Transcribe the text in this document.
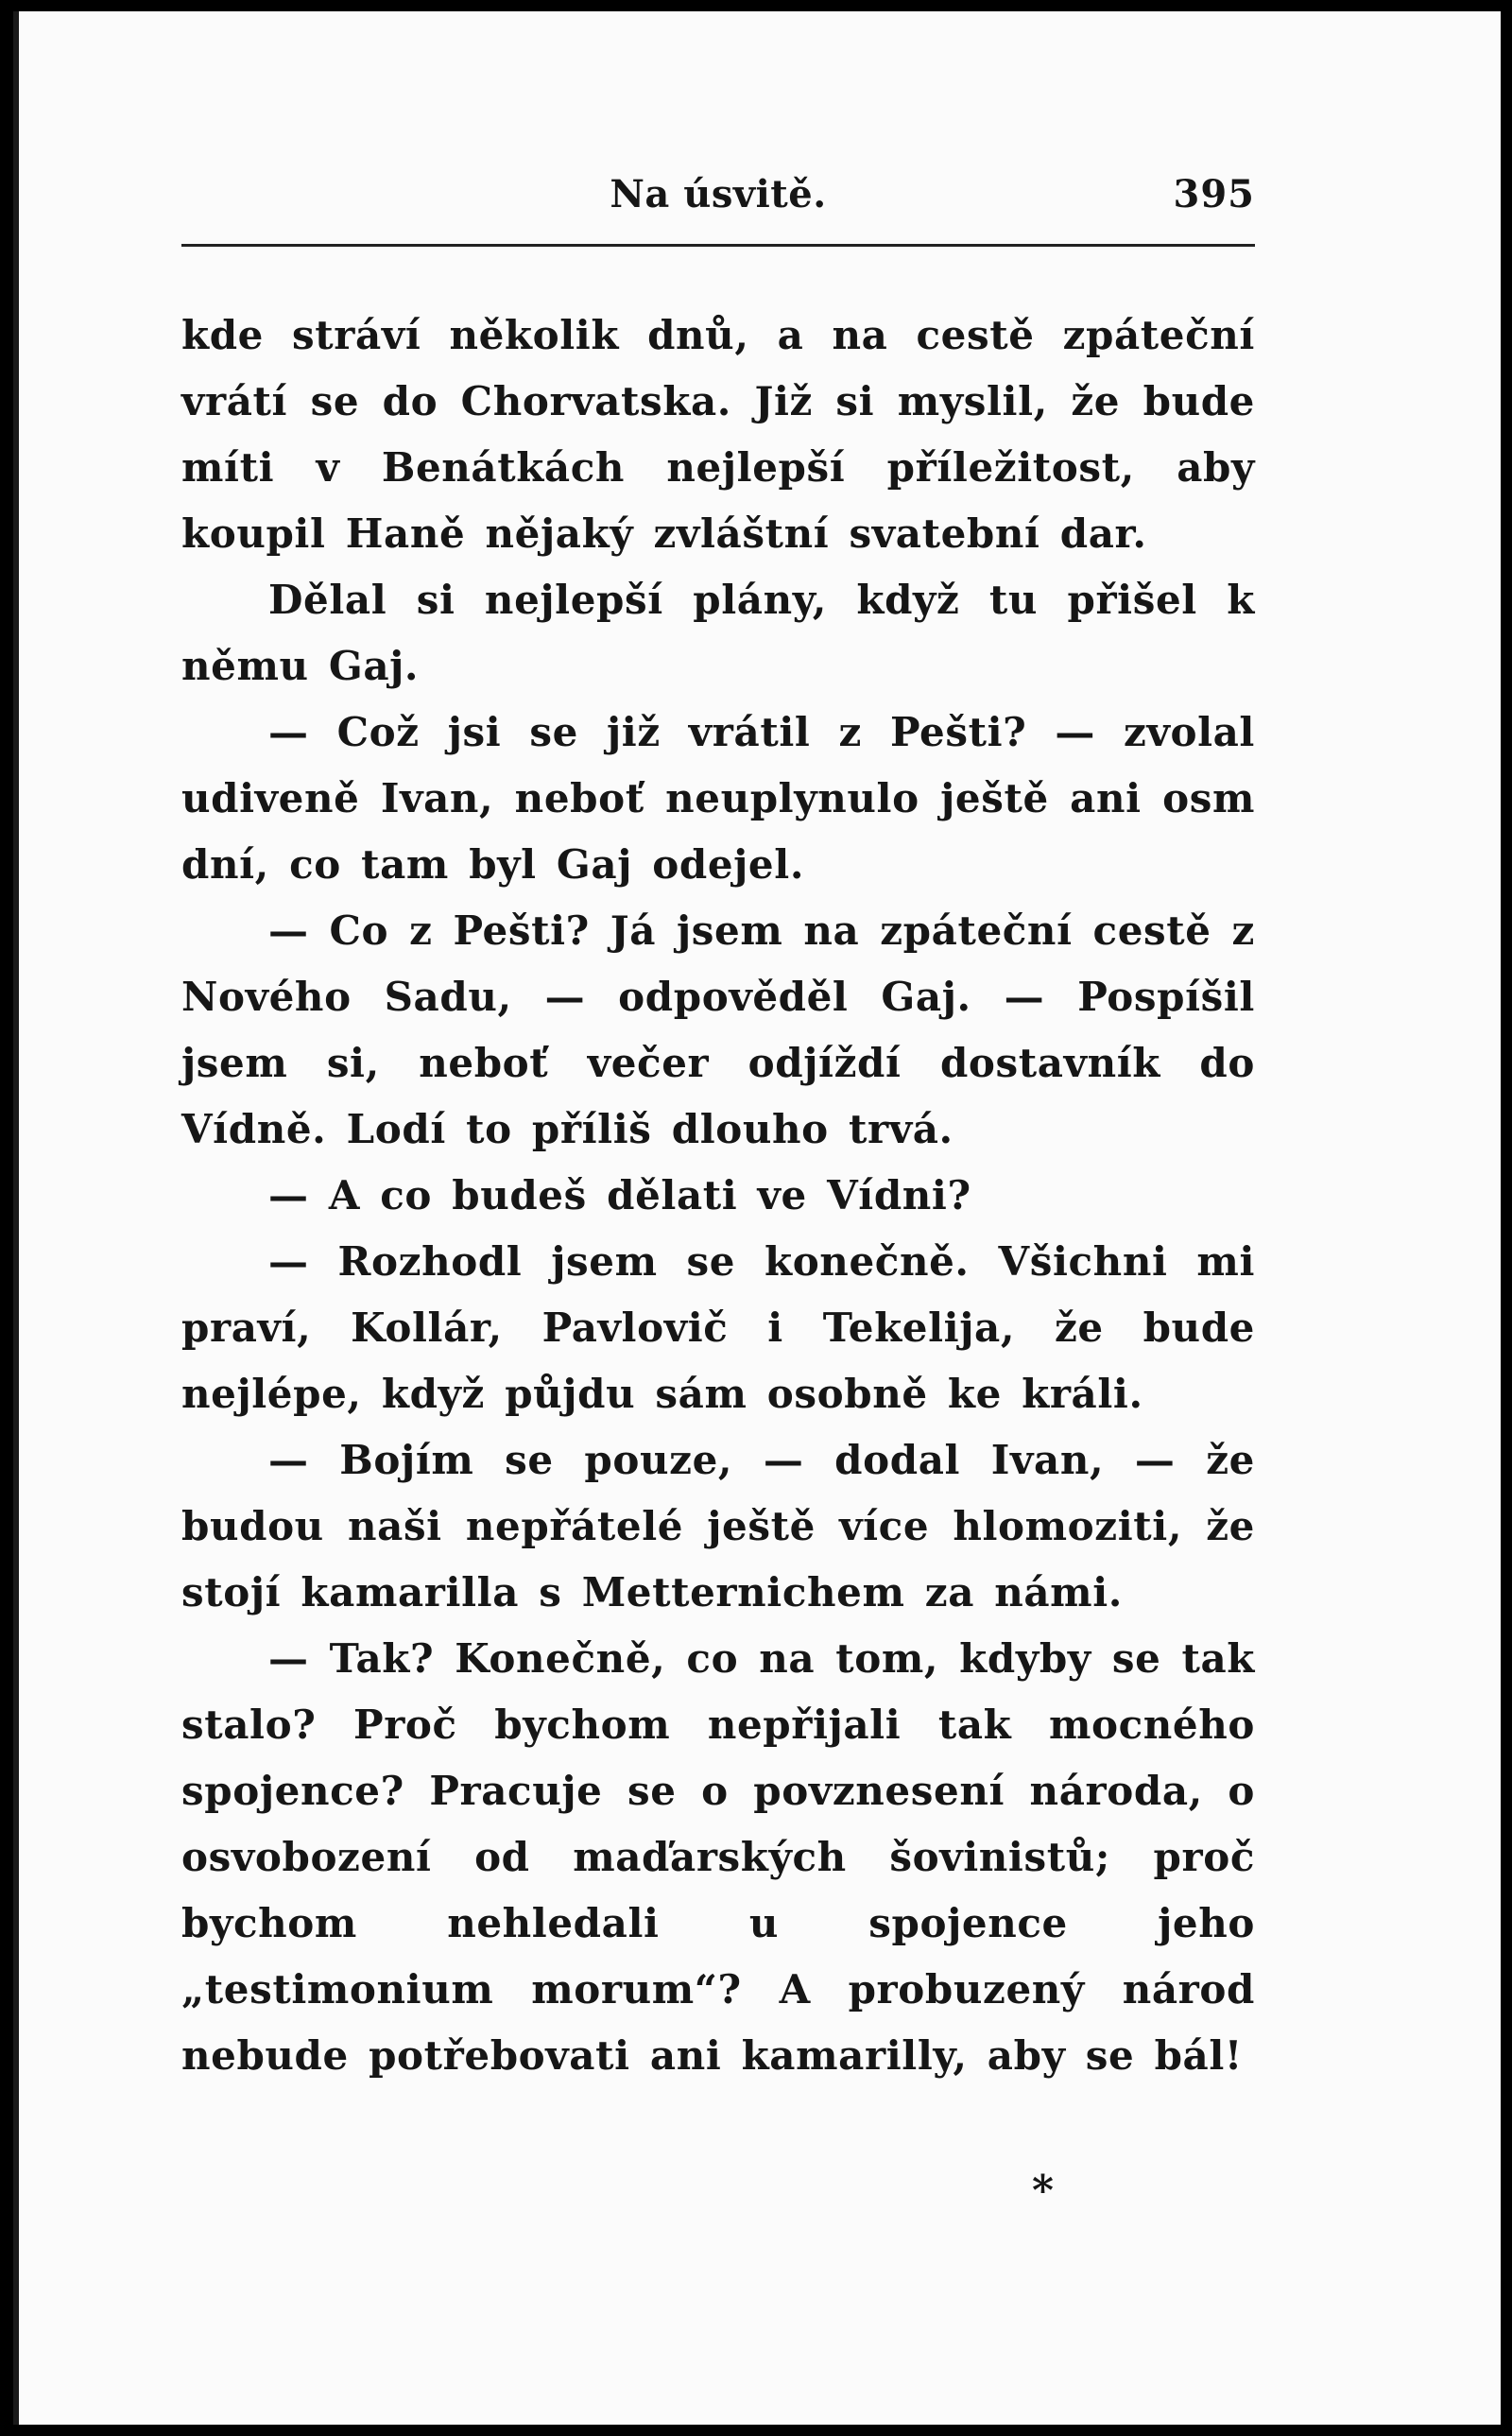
Na úsvitě.	395

kde stráví několik dnů, a na cestě zpáteční vrátí se do Chorvatska. Již si myslil, že bude míti v Benátkách nejlepší příležitost, aby koupil Haně nějaký zvláštní svatební dar.

Dělal si nejlepší plány, když tu přišel k němu Gaj.

— Což jsi se již vrátil z Pešti? — zvolal udiveně Ivan, neboť neuplynulo ještě ani osm dní, co tam byl Gaj odejel.

— Co z Pešti? Já jsem na zpáteční cestě z Nového Sadu, — odpověděl Gaj. — Pospíšil jsem si, neboť večer odjíždí dostavník do Vídně. Lodí to příliš dlouho trvá.

— A co budeš dělati ve Vídni?

— Rozhodl jsem se konečně. Všichni mi praví, Kollár, Pavlovič i Tekelija, že bude nejlépe, když půjdu sám osobně ke králi.

— Bojím se pouze, — dodal Ivan, — že budou naši nepřátelé ještě více hlomoziti, že stojí kamarilla s Metternichem za námi.

— Tak? Konečně, co na tom, kdyby se tak stalo? Proč bychom nepřijali tak mocného spojence? Pracuje se o povznesení národa, o osvobození od maďarských šovinistů; proč bychom nehledali u spojence jeho „testimonium morum“? A probuzený národ nebude potřebovati ani kamarilly, aby se bál!

*
